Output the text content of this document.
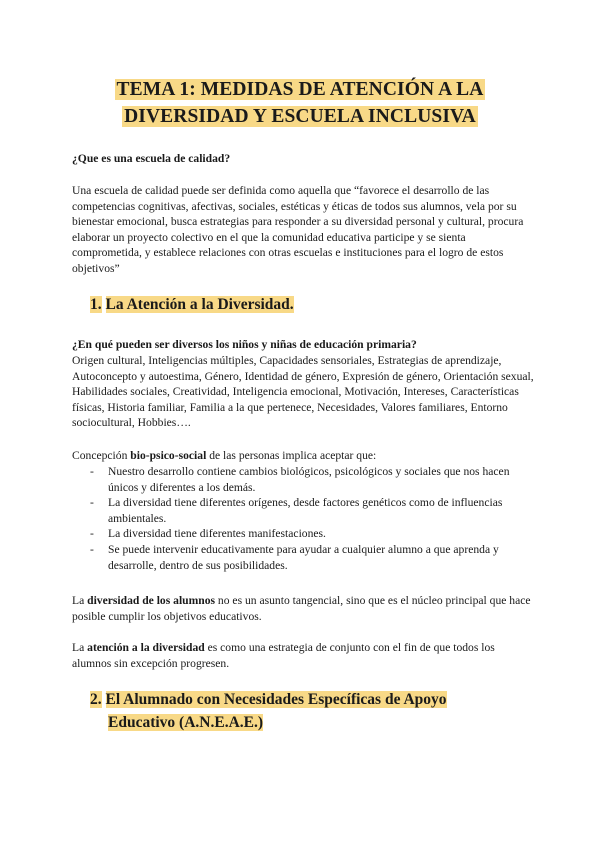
TEMA 1: MEDIDAS DE ATENCIÓN A LA
DIVERSIDAD Y ESCUELA INCLUSIVA
¿Que es una escuela de calidad?
Una escuela de calidad puede ser definida como aquella que “favorece el desarrollo de las competencias cognitivas, afectivas, sociales, estéticas y éticas de todos sus alumnos, vela por su bienestar emocional, busca estrategias para responder a su diversidad personal y cultural, procura elaborar un proyecto colectivo en el que la comunidad educativa participe y se sienta comprometida, y establece relaciones con otras escuelas e instituciones para el logro de estos objetivos”
1. La Atención a la Diversidad.
¿En qué pueden ser diversos los niños y niñas de educación primaria?
Origen cultural, Inteligencias múltiples, Capacidades sensoriales, Estrategias de aprendizaje, Autoconcepto y autoestima, Género, Identidad de género, Expresión de género, Orientación sexual, Habilidades sociales, Creatividad, Inteligencia emocional, Motivación, Intereses, Características físicas, Historia familiar, Familia a la que pertenece, Necesidades, Valores familiares, Entorno sociocultural, Hobbies….
Concepción bio-psico-social de las personas implica aceptar que:
- Nuestro desarrollo contiene cambios biológicos, psicológicos y sociales que nos hacen únicos y diferentes a los demás.
- La diversidad tiene diferentes orígenes, desde factores genéticos como de influencias ambientales.
- La diversidad tiene diferentes manifestaciones.
- Se puede intervenir educativamente para ayudar a cualquier alumno a que aprenda y desarrolle, dentro de sus posibilidades.
La diversidad de los alumnos no es un asunto tangencial, sino que es el núcleo principal que hace posible cumplir los objetivos educativos.
La atención a la diversidad es como una estrategia de conjunto con el fin de que todos los alumnos sin excepción progresen.
2. El Alumnado con Necesidades Específicas de Apoyo
Educativo (A.N.E.A.E.)
